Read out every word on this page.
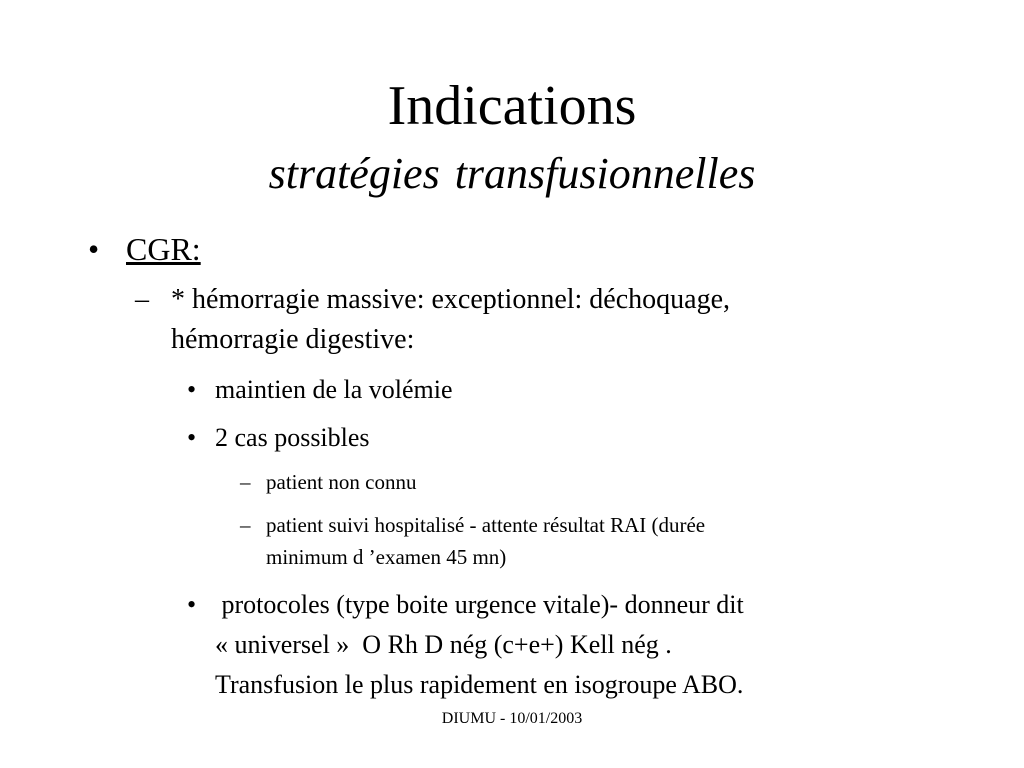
Indications
stratégies transfusionnelles
• CGR:
– * hémorragie massive: exceptionnel: déchoquage,
hémorragie digestive:
• maintien de la volémie
• 2 cas possibles
– patient non connu
– patient suivi hospitalisé - attente résultat RAI (durée
minimum d ’examen 45 mn)
• protocoles (type boite urgence vitale)- donneur dit
« universel »  O Rh D nég (c+e+) Kell nég .
Transfusion le plus rapidement en isogroupe ABO.
DIUMU - 10/01/2003
